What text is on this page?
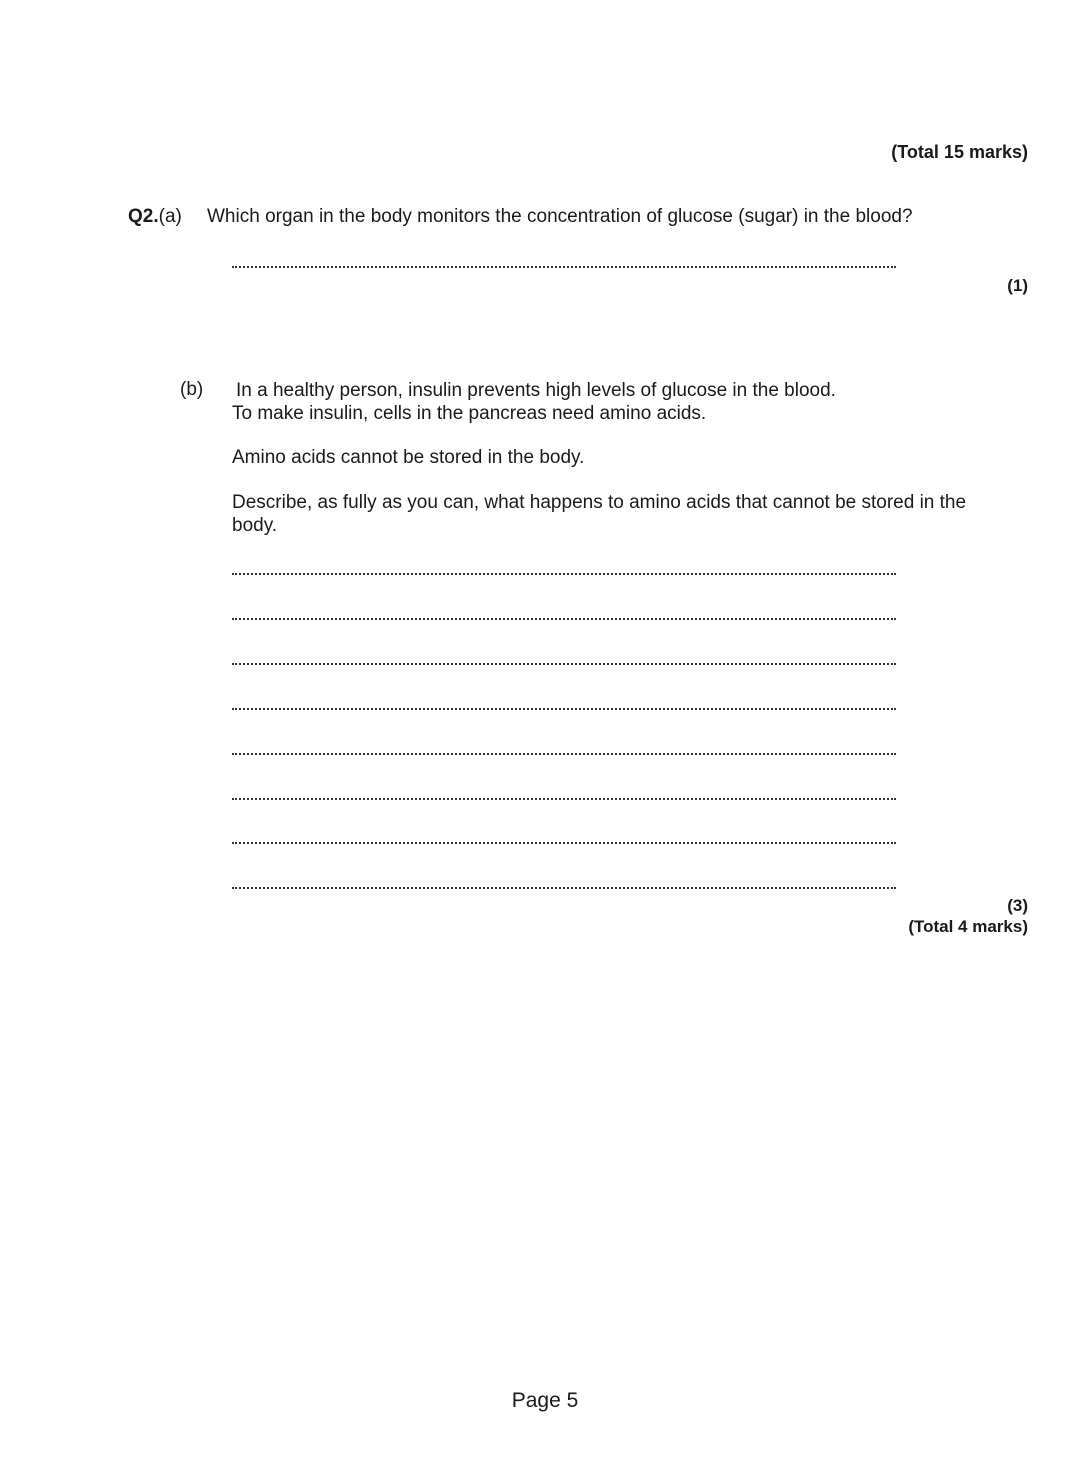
(Total 15 marks)
Q2.(a) Which organ in the body monitors the concentration of glucose (sugar) in the blood?
(1)
(b) In a healthy person, insulin prevents high levels of glucose in the blood.
To make insulin, cells in the pancreas need amino acids.
Amino acids cannot be stored in the body.
Describe, as fully as you can, what happens to amino acids that cannot be stored in the body.
(3)
(Total 4 marks)
Page 5
